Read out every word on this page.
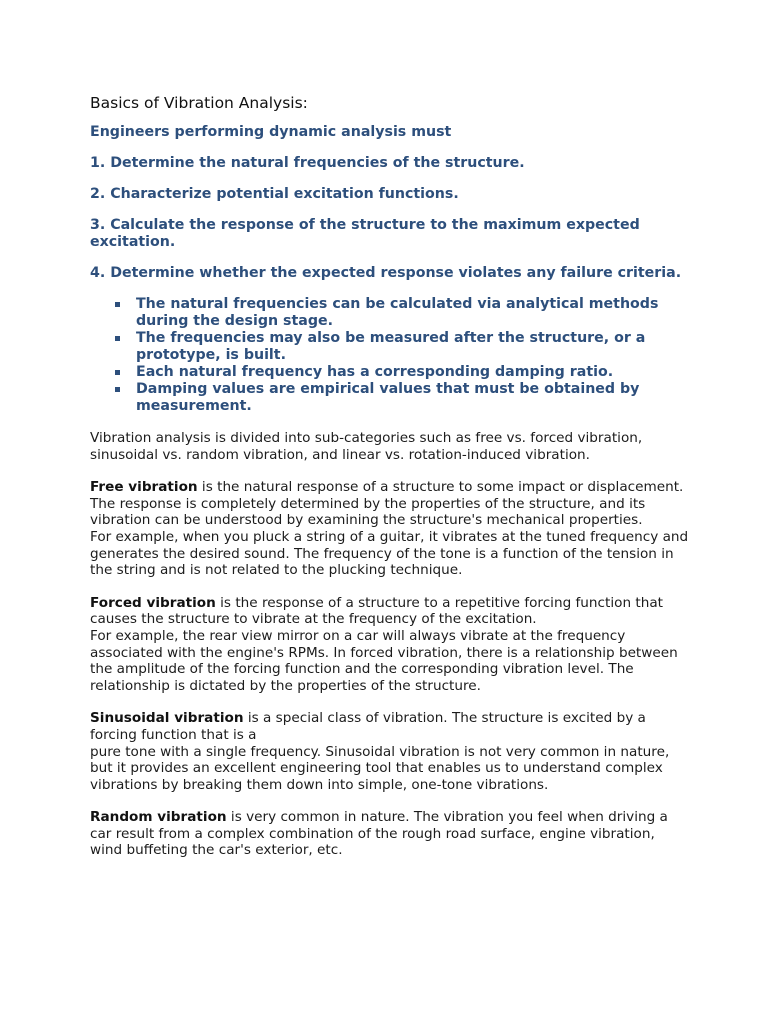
Basics of Vibration Analysis:
Engineers performing dynamic analysis must
1. Determine the natural frequencies of the structure.
2. Characterize potential excitation functions.
3. Calculate the response of the structure to the maximum expected excitation.
4. Determine whether the expected response violates any failure criteria.
The natural frequencies can be calculated via analytical methods during the design stage.
The frequencies may also be measured after the structure, or a prototype, is built.
Each natural frequency has a corresponding damping ratio.
Damping values are empirical values that must be obtained by measurement.

Vibration analysis is divided into sub-categories such as free vs. forced vibration, sinusoidal vs. random vibration, and linear vs. rotation-induced vibration.

Free vibration is the natural response of a structure to some impact or displacement. The response is completely determined by the properties of the structure, and its vibration can be understood by examining the structure's mechanical properties.
For example, when you pluck a string of a guitar, it vibrates at the tuned frequency and generates the desired sound. The frequency of the tone is a function of the tension in the string and is not related to the plucking technique.

Forced vibration is the response of a structure to a repetitive forcing function that causes the structure to vibrate at the frequency of the excitation.
For example, the rear view mirror on a car will always vibrate at the frequency associated with the engine's RPMs. In forced vibration, there is a relationship between the amplitude of the forcing function and the corresponding vibration level. The relationship is dictated by the properties of the structure.

Sinusoidal vibration is a special class of vibration. The structure is excited by a forcing function that is a
pure tone with a single frequency. Sinusoidal vibration is not very common in nature, but it provides an excellent engineering tool that enables us to understand complex vibrations by breaking them down into simple, one-tone vibrations.

Random vibration is very common in nature. The vibration you feel when driving a car result from a complex combination of the rough road surface, engine vibration, wind buffeting the car's exterior, etc.
